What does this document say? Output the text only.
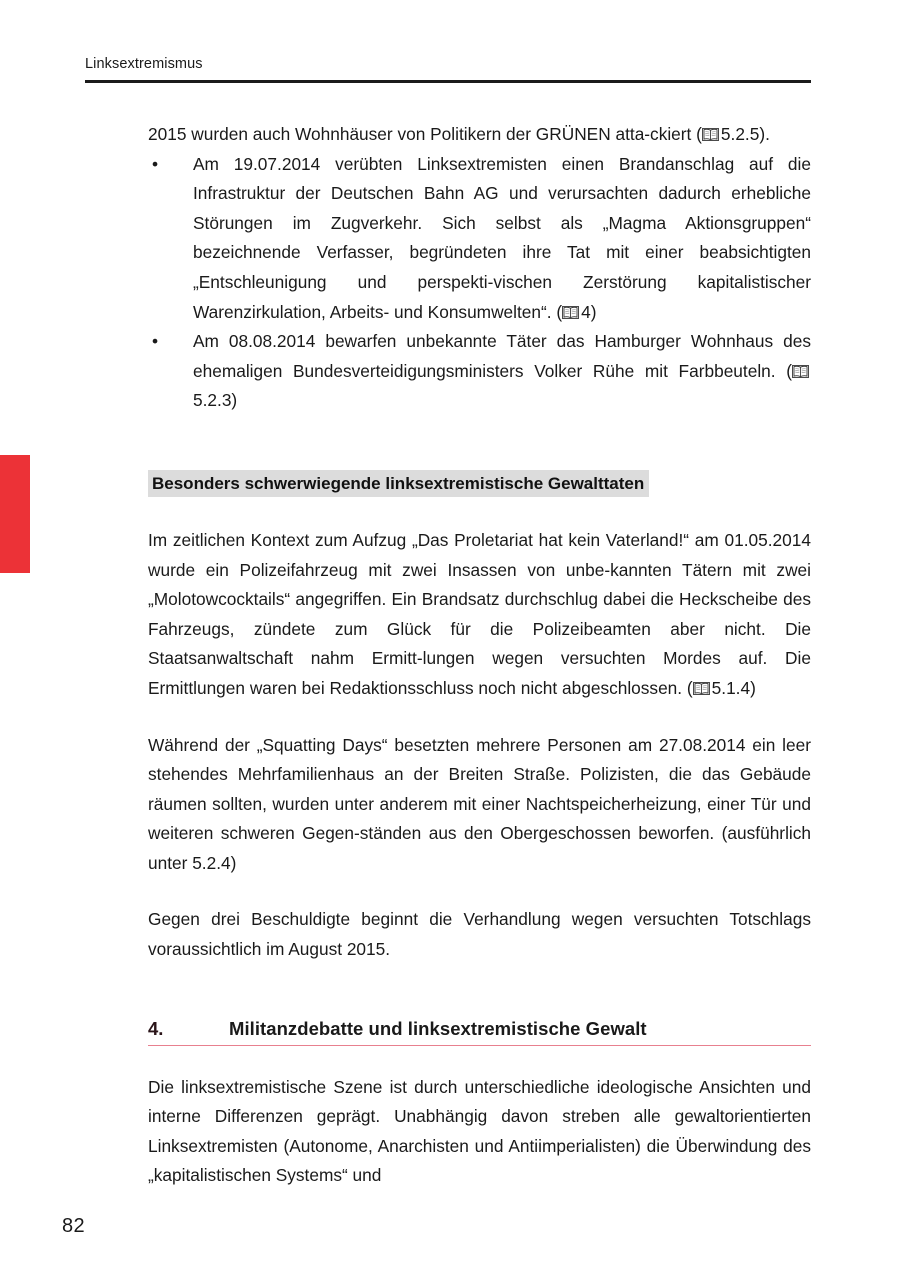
Linksextremismus
2015 wurden auch Wohnhäuser von Politikern der GRÜNEN atta-ckiert ( 5.2.5).
• Am 19.07.2014 verübten Linksextremisten einen Brandanschlag auf die Infrastruktur der Deutschen Bahn AG und verursachten dadurch erhebliche Störungen im Zugverkehr. Sich selbst als „Magma Aktionsgruppen“ bezeichnende Verfasser, begründeten ihre Tat mit einer beabsichtigten „Entschleunigung und perspekti-vischen Zerstörung kapitalistischer Warenzirkulation, Arbeits- und Konsumwelten“. ( 4)
• Am 08.08.2014 bewarfen unbekannte Täter das Hamburger Wohnhaus des ehemaligen Bundesverteidigungsministers Volker Rühe mit Farbbeuteln. (
5.2.3)
Besonders schwerwiegende linksextremistische Gewalttaten
Im zeitlichen Kontext zum Aufzug „Das Proletariat hat kein Vaterland!“ am 01.05.2014 wurde ein Polizeifahrzeug mit zwei Insassen von unbe-kannten Tätern mit zwei „Molotowcocktails“ angegriffen. Ein Brandsatz durchschlug dabei die Heckscheibe des Fahrzeugs, zündete zum Glück für die Polizeibeamten aber nicht. Die Staatsanwaltschaft nahm Ermitt-lungen wegen versuchten Mordes auf. Die Ermittlungen waren bei Redaktionsschluss noch nicht abgeschlossen. ( 5.1.4)

Während der „Squatting Days“ besetzten mehrere Personen am 27.08.2014 ein leer stehendes Mehrfamilienhaus an der Breiten Straße. Polizisten, die das Gebäude räumen sollten, wurden unter anderem mit einer Nachtspeicherheizung, einer Tür und weiteren schweren Gegen-ständen aus den Obergeschossen beworfen. (ausführlich unter 5.2.4)

Gegen drei Beschuldigte beginnt die Verhandlung wegen versuchten Totschlags voraussichtlich im August 2015.

4.	Militanzdebatte und linksextremistische Gewalt

Die linksextremistische Szene ist durch unterschiedliche ideologische Ansichten und interne Differenzen geprägt. Unabhängig davon streben alle gewaltorientierten Linksextremisten (Autonome, Anarchisten und Antiimperialisten) die Überwindung des „kapitalistischen Systems“ und

82
